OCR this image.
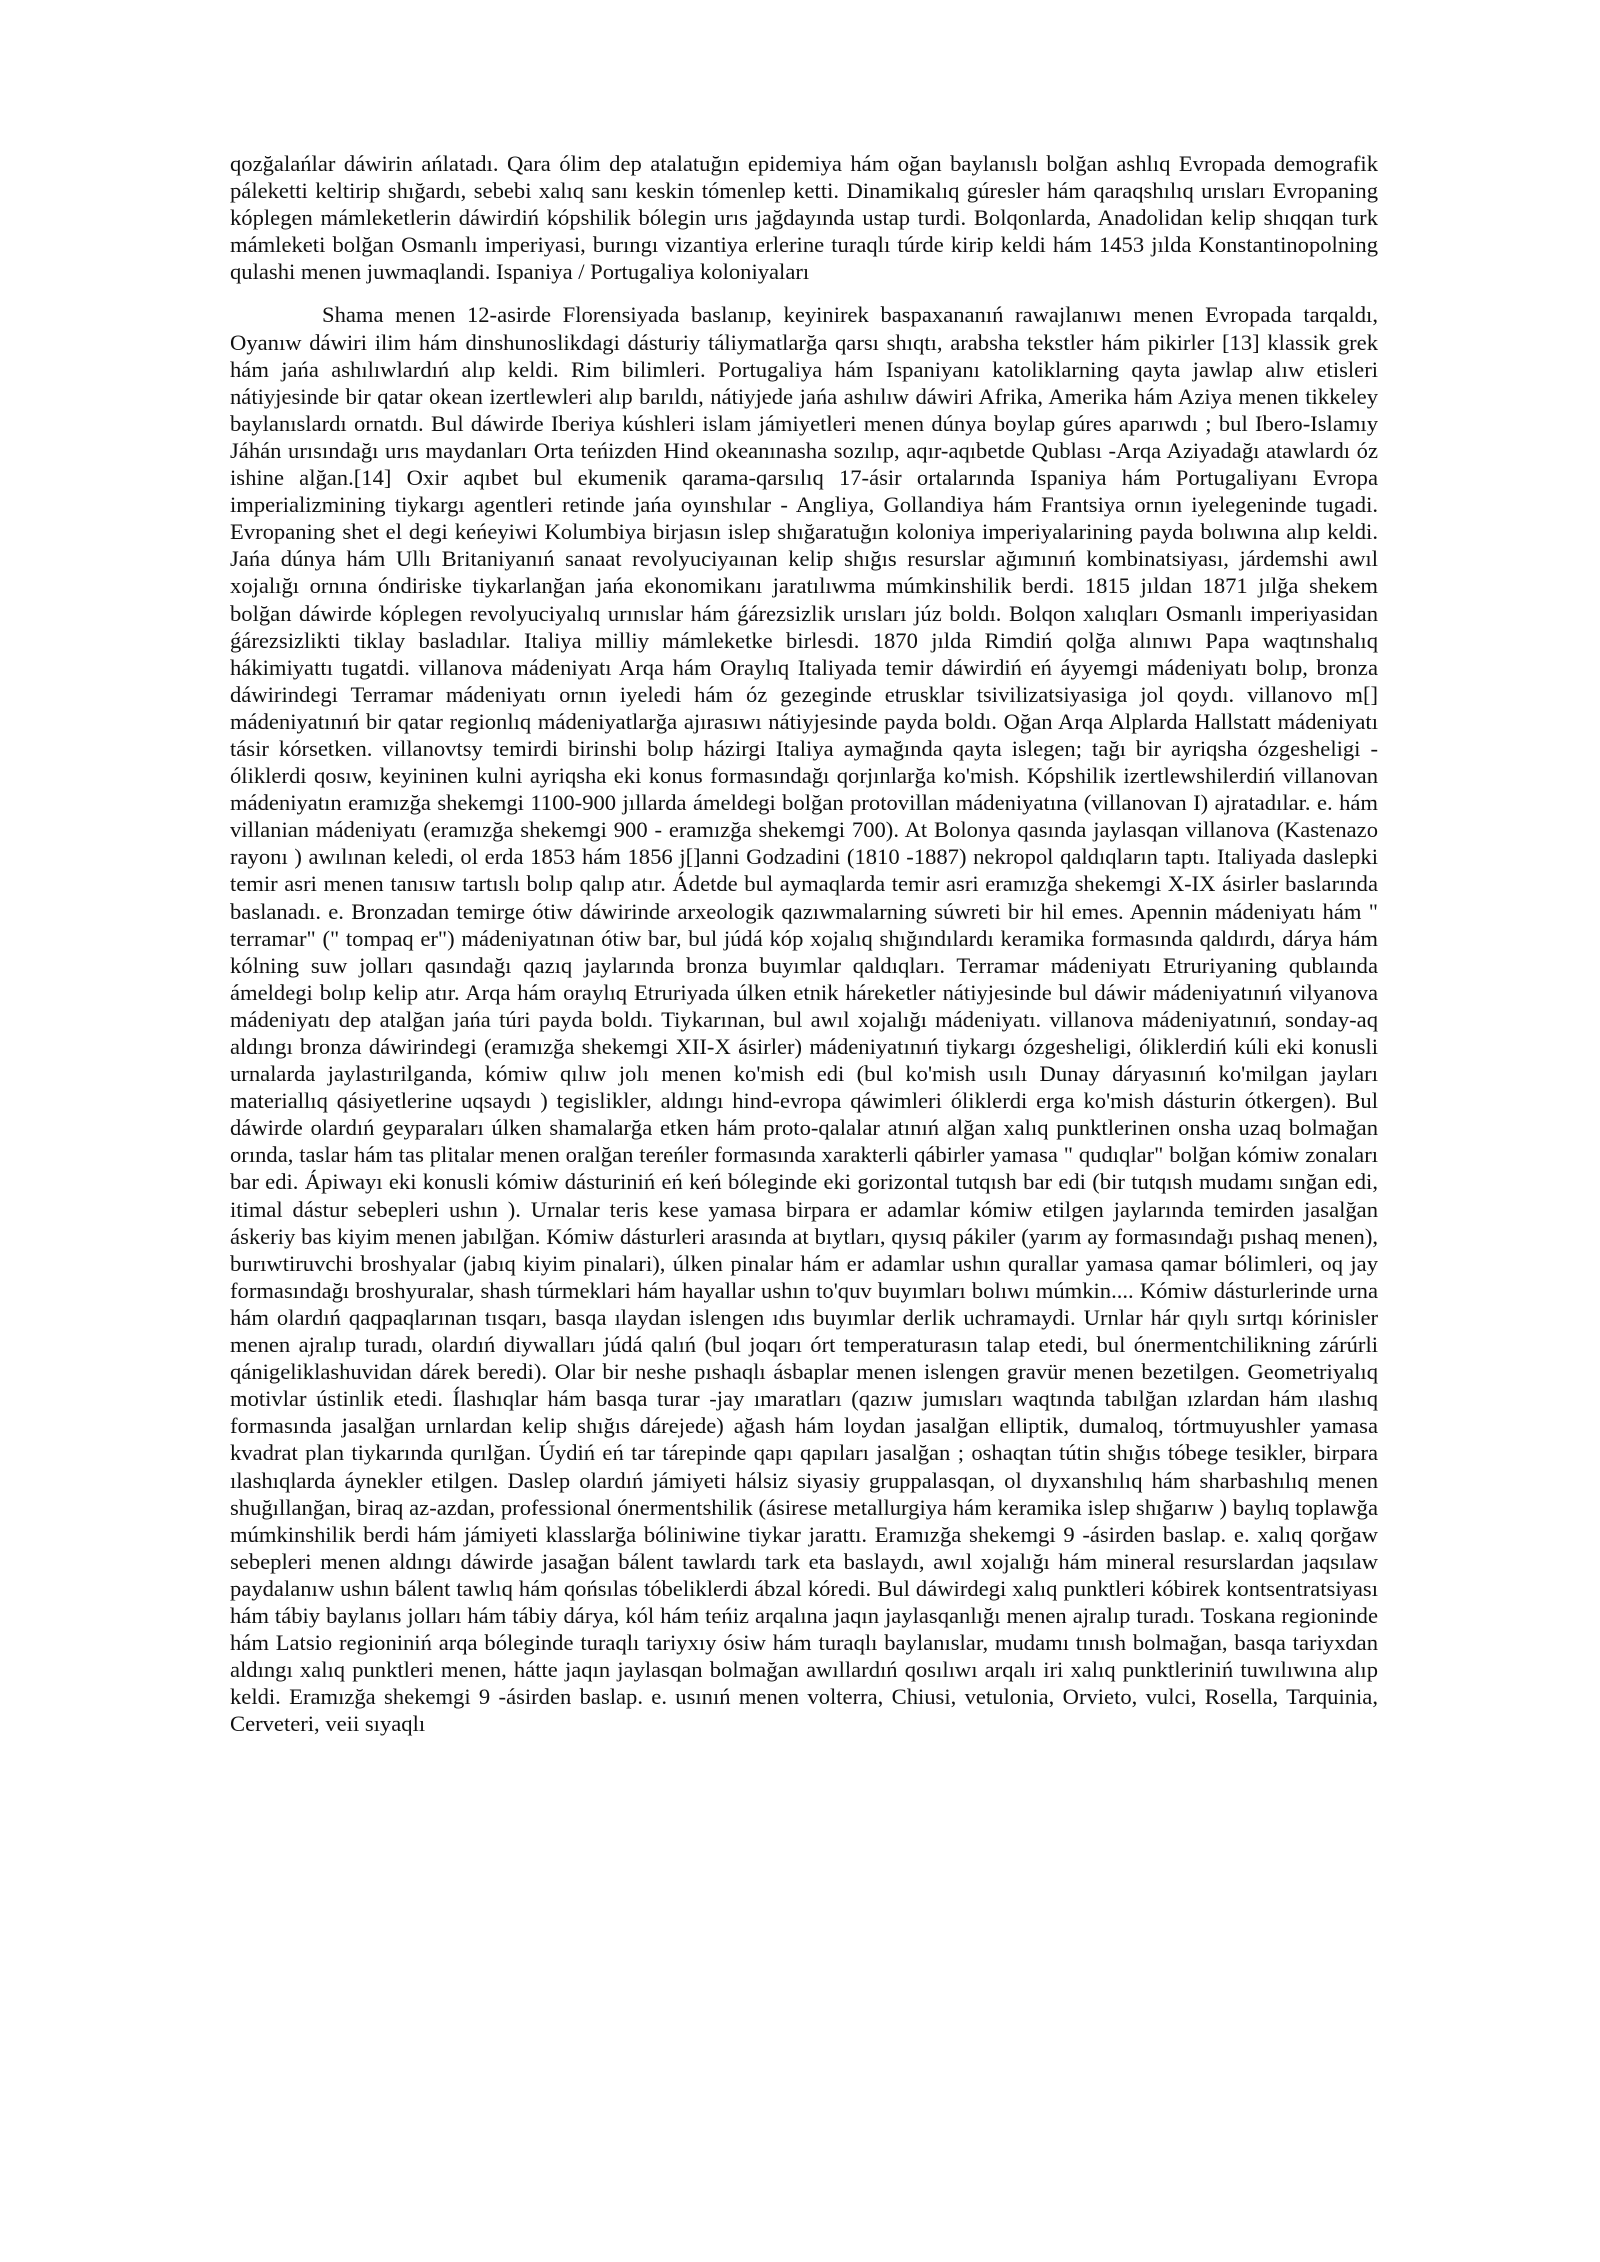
qozğalańlar dáwirin ańlatadı. Qara ólim dep atalatuğın epidemiya hám oğan baylanıslı bolğan ashlıq Evropada demografik páleketti keltirip shığardı, sebebi xalıq sanı keskin tómenlep ketti. Dinamikalıq gúresler hám qaraqshılıq urısları Evropaning kóplegen mámleketlerin dáwirdiń kópshilik bólegin urıs jağdayında ustap turdi. Bolqonlarda, Anadolidan kelip shıqqan turk mámleketi bolğan Osmanlı imperiyasi, burıngı vizantiya erlerine turaqlı túrde kirip keldi hám 1453 jılda Konstantinopolning qulashi menen juwmaqlandi. Ispaniya / Portugaliya koloniyaları

Shama menen 12-asirde Florensiyada baslanıp, keyinirek baspaxananıń rawajlanıwı menen Evropada tarqaldı, Oyanıw dáwiri ilim hám dinshunoslikdagi dásturiy táliymatlarğa qarsı shıqtı, arabsha tekstler hám pikirler [13] klassik grek hám jańa ashılıwlardıń alıp keldi. Rim bilimleri. Portugaliya hám Ispaniyanı katoliklarning qayta jawlap alıw etisleri nátiyjesinde bir qatar okean izertlewleri alıp barıldı, nátiyjede jańa ashılıw dáwiri Afrika, Amerika hám Aziya menen tikkeley baylanıslardı ornatdı. Bul dáwirde Iberiya kúshleri islam jámiyetleri menen dúnya boylap gúres aparıwdı ; bul Ibero-Islamıy Jáhán urısındağı urıs maydanları Orta teńizden Hind okeanınasha sozılıp, aqır-aqıbetde Qublası -Arqa Aziyadağı atawlardı óz ishine alğan.[14] Oxir aqıbet bul ekumenik qarama-qarsılıq 17-ásir ortalarında Ispaniya hám Portugaliyanı Evropa imperializmining tiykargı agentleri retinde jańa oyınshılar - Angliya, Gollandiya hám Frantsiya ornın iyelegeninde tugadi. Evropaning shet el degi keńeyiwi Kolumbiya birjasın islep shığaratuğın koloniya imperiyalarining payda bolıwına alıp keldi. Jańa dúnya hám Ullı Britaniyanıń sanaat revolyuciyaınan kelip shığıs resurslar ağımınıń kombinatsiyası, járdemshi awıl xojalığı ornına óndiriske tiykarlanğan jańa ekonomikanı jaratılıwma múmkinshilik berdi. 1815 jıldan 1871 jılğa shekem bolğan dáwirde kóplegen revolyuciyalıq urınıslar hám ǵárezsizlik urısları júz boldı. Bolqon xalıqları Osmanlı imperiyasidan ǵárezsizlikti tiklay basladılar. Italiya milliy mámleketke birlesdi. 1870 jılda Rimdiń qolğa alınıwı Papa waqtınshalıq hákimiyattı tugatdi. villanova mádeniyatı Arqa hám Oraylıq Italiyada temir dáwirdiń eń áyyemgi mádeniyatı bolıp, bronza dáwirindegi Terramar mádeniyatı ornın iyeledi hám óz gezeginde etrusklar tsivilizatsiyasiga jol qoydı. villanovo m[] mádeniyatınıń bir qatar regionlıq mádeniyatlarğa ajırasıwı nátiyjesinde payda boldı. Oğan Arqa Alplarda Hallstatt mádeniyatı tásir kórsetken. villanovtsy temirdi birinshi bolıp házirgi Italiya aymağında qayta islegen; tağı bir ayriqsha ózgesheligi - óliklerdi qosıw, keyininen kulni ayriqsha eki konus formasındağı qorjınlarğa ko'mish. Kópshilik izertlewshilerdiń villanovan mádeniyatın eramızğa shekemgi 1100-900 jıllarda ámeldegi bolğan protovillan mádeniyatına (villanovan I) ajratadılar. e. hám villanian mádeniyatı (eramızğa shekemgi 900 - eramızğa shekemgi 700). At Bolonya qasında jaylasqan villanova (Kastenazo rayonı ) awılınan keledi, ol erda 1853 hám 1856 j[]anni Godzadini (1810 -1887) nekropol qaldıqların taptı. Italiyada daslepki temir asri menen tanısıw tartıslı bolıp qalıp atır. Ádetde bul aymaqlarda temir asri eramızğa shekemgi X-IX ásirler baslarında baslanadı. e. Bronzadan temirge ótiw dáwirinde arxeologik qazıwmalarning súwreti bir hil emes. Apennin mádeniyatı hám " terramar" (" tompaq er") mádeniyatınan ótiw bar, bul júdá kóp xojalıq shığındılardı keramika formasında qaldırdı, dárya hám kólning suw jolları qasındağı qazıq jaylarında bronza buyımlar qaldıqları. Terramar mádeniyatı Etruriyaning qublaında ámeldegi bolıp kelip atır. Arqa hám oraylıq Etruriyada úlken etnik háreketler nátiyjesinde bul dáwir mádeniyatınıń vilyanova mádeniyatı dep atalğan jańa túri payda boldı. Tiykarınan, bul awıl xojalığı mádeniyatı. villanova mádeniyatınıń, sonday-aq aldıngı bronza dáwirindegi (eramızğa shekemgi XII-X ásirler) mádeniyatınıń tiykargı ózgesheligi, óliklerdiń kúli eki konusli urnalarda jaylastırilganda, kómiw qılıw jolı menen ko'mish edi (bul ko'mish usılı Dunay dáryasınıń ko'milgan jayları materiallıq qásiyetlerine uqsaydı ) tegislikler, aldıngı hind-evropa qáwimleri óliklerdi erga ko'mish dásturin ótkergen). Bul dáwirde olardıń geyparaları úlken shamalarğa etken hám proto-qalalar atınıń alğan xalıq punktlerinen onsha uzaq bolmağan orında, taslar hám tas plitalar menen oralğan tereńler formasında xarakterli qábirler yamasa " qudıqlar" bolğan kómiw zonaları bar edi. Ápiwayı eki konusli kómiw dásturiniń eń keń bóleginde eki gorizontal tutqısh bar edi (bir tutqısh mudamı sınğan edi, itimal dástur sebepleri ushın ). Urnalar teris kese yamasa birpara er adamlar kómiw etilgen jaylarında temirden jasalğan áskeriy bas kiyim menen jabılğan. Kómiw dásturleri arasında at bıytları, qıysıq pákiler (yarım ay formasındağı pıshaq menen), burıwtiruvchi broshyalar (jabıq kiyim pinalari), úlken pinalar hám er adamlar ushın qurallar yamasa qamar bólimleri, oq jay formasındağı broshyuralar, shash túrmeklari hám hayallar ushın to'quv buyımları bolıwı múmkin.... Kómiw dásturlerinde urna hám olardıń qaqpaqlarınan tısqarı, basqa ılaydan islengen ıdıs buyımlar derlik uchramaydi. Urnlar hár qıylı sırtqı kórinisler menen ajralıp turadı, olardıń diywalları júdá qalıń (bul joqarı órt temperaturasın talap etedi, bul ónermentchilikning zárúrli qánigeliklashuvidan dárek beredi). Olar bir neshe pıshaqlı ásbaplar menen islengen gravür menen bezetilgen. Geometriyalıq motivlar ústinlik etedi. Ílashıqlar hám basqa turar -jay ımaratları (qazıw jumısları waqtında tabılğan ızlardan hám ılashıq formasında jasalğan urnlardan kelip shığıs dárejede) ağash hám loydan jasalğan elliptik, dumaloq, tórtmuyushler yamasa kvadrat plan tiykarında qurılğan. Úydiń eń tar tárepinde qapı qapıları jasalğan ; oshaqtan tútin shığıs tóbege tesikler, birpara ılashıqlarda áynekler etilgen. Daslep olardıń jámiyeti hálsiz siyasiy gruppalasqan, ol dıyxanshılıq hám sharbashılıq menen shuğıllanğan, biraq az-azdan, professional ónermentshilik (ásirese metallurgiya hám keramika islep shığarıw ) baylıq toplawğa múmkinshilik berdi hám jámiyeti klasslarğa bóliniwine tiykar jarattı. Eramızğa shekemgi 9 -ásirden baslap. e. xalıq qorğaw sebepleri menen aldıngı dáwirde jasağan bálent tawlardı tark eta baslaydı, awıl xojalığı hám mineral resurslardan jaqsılaw paydalanıw ushın bálent tawlıq hám qońsılas tóbeliklerdi ábzal kóredi. Bul dáwirdegi xalıq punktleri kóbirek kontsentratsiyası hám tábiy baylanıs jolları hám tábiy dárya, kól hám teńiz arqalına jaqın jaylasqanlığı menen ajralıp turadı. Toskana regioninde hám Latsio regioniniń arqa bóleginde turaqlı tariyxıy ósiw hám turaqlı baylanıslar, mudamı tınısh bolmağan, basqa tariyxdan aldıngı xalıq punktleri menen, hátte jaqın jaylasqan bolmağan awıllardıń qosılıwı arqalı iri xalıq punktleriniń tuwılıwına alıp keldi. Eramızğa shekemgi 9 -ásirden baslap. e. usınıń menen volterra, Chiusi, vetulonia, Orvieto, vulci, Rosella, Tarquinia, Cerveteri, veii sıyaqlı
